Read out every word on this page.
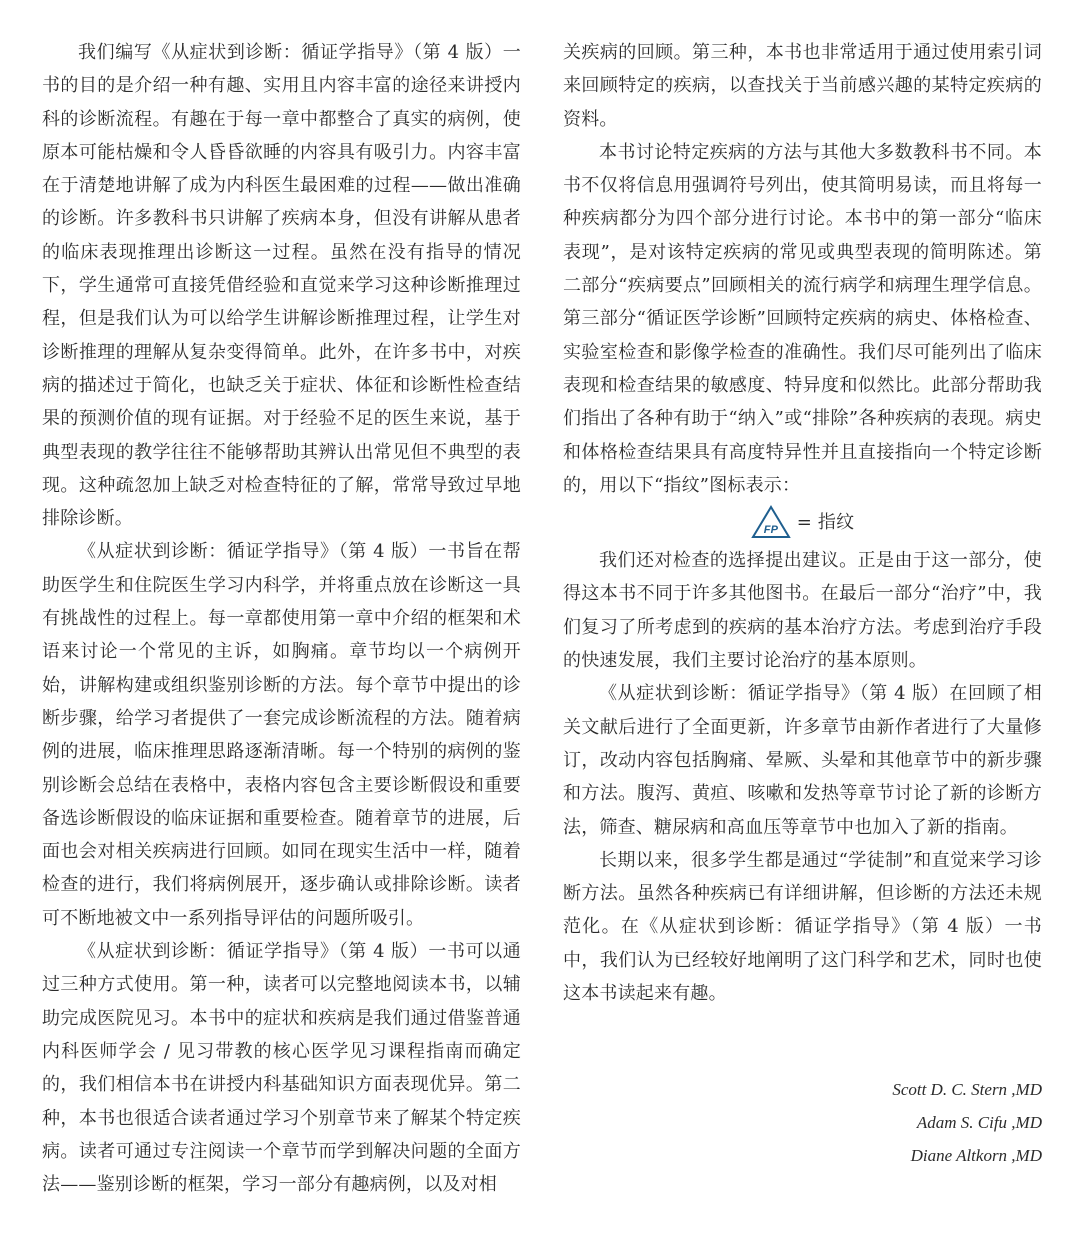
我们编写《从症状到诊断：循证学指导》（第 4 版）一书的目的是介绍一种有趣、实用且内容丰富的途径来讲授内科的诊断流程。有趣在于每一章中都整合了真实的病例，使原本可能枯燥和令人昏昏欲睡的内容具有吸引力。内容丰富在于清楚地讲解了成为内科医生最困难的过程——做出准确的诊断。许多教科书只讲解了疾病本身，但没有讲解从患者的临床表现推理出诊断这一过程。虽然在没有指导的情况下，学生通常可直接凭借经验和直觉来学习这种诊断推理过程，但是我们认为可以给学生讲解诊断推理过程，让学生对诊断推理的理解从复杂变得简单。此外，在许多书中，对疾病的描述过于简化，也缺乏关于症状、体征和诊断性检查结果的预测价值的现有证据。对于经验不足的医生来说，基于典型表现的教学往往不能够帮助其辨认出常见但不典型的表现。这种疏忽加上缺乏对检查特征的了解，常常导致过早地排除诊断。

《从症状到诊断：循证学指导》（第 4 版）一书旨在帮助医学生和住院医生学习内科学，并将重点放在诊断这一具有挑战性的过程上。每一章都使用第一章中介绍的框架和术语来讨论一个常见的主诉，如胸痛。章节均以一个病例开始，讲解构建或组织鉴别诊断的方法。每个章节中提出的诊断步骤，给学习者提供了一套完成诊断流程的方法。随着病例的进展，临床推理思路逐渐清晰。每一个特别的病例的鉴别诊断会总结在表格中，表格内容包含主要诊断假设和重要备选诊断假设的临床证据和重要检查。随着章节的进展，后面也会对相关疾病进行回顾。如同在现实生活中一样，随着检查的进行，我们将病例展开，逐步确认或排除诊断。读者可不断地被文中一系列指导评估的问题所吸引。

《从症状到诊断：循证学指导》（第 4 版）一书可以通过三种方式使用。第一种，读者可以完整地阅读本书，以辅助完成医院见习。本书中的症状和疾病是我们通过借鉴普通内科医师学会 / 见习带教的核心医学见习课程指南而确定的，我们相信本书在讲授内科基础知识方面表现优异。第二种，本书也很适合读者通过学习个别章节来了解某个特定疾病。读者可通过专注阅读一个章节而学到解决问题的全面方法——鉴别诊断的框架，学习一部分有趣病例，以及对相

关疾病的回顾。第三种，本书也非常适用于通过使用索引词来回顾特定的疾病，以查找关于当前感兴趣的某特定疾病的资料。

本书讨论特定疾病的方法与其他大多数教科书不同。本书不仅将信息用强调符号列出，使其简明易读，而且将每一种疾病都分为四个部分进行讨论。本书中的第一部分“临床表现”，是对该特定疾病的常见或典型表现的简明陈述。第二部分“疾病要点”回顾相关的流行病学和病理生理学信息。第三部分“循证医学诊断”回顾特定疾病的病史、体格检查、实验室检查和影像学检查的准确性。我们尽可能列出了临床表现和检查结果的敏感度、特异度和似然比。此部分帮助我们指出了各种有助于“纳入”或“排除”各种疾病的表现。病史和体格检查结果具有高度特异性并且直接指向一个特定诊断的，用以下“指纹”图标表示：

FP = 指纹

我们还对检查的选择提出建议。正是由于这一部分，使得这本书不同于许多其他图书。在最后一部分“治疗”中，我们复习了所考虑到的疾病的基本治疗方法。考虑到治疗手段的快速发展，我们主要讨论治疗的基本原则。

《从症状到诊断：循证学指导》（第 4 版）在回顾了相关文献后进行了全面更新，许多章节由新作者进行了大量修订，改动内容包括胸痛、晕厥、头晕和其他章节中的新步骤和方法。腹泻、黄疸、咳嗽和发热等章节讨论了新的诊断方法，筛查、糖尿病和高血压等章节中也加入了新的指南。

长期以来，很多学生都是通过“学徒制”和直觉来学习诊断方法。虽然各种疾病已有详细讲解，但诊断的方法还未规范化。在《从症状到诊断：循证学指导》（第 4 版）一书中，我们认为已经较好地阐明了这门科学和艺术，同时也使这本书读起来有趣。

Scott D. C. Stern ,MD
Adam S. Cifu ,MD
Diane Altkorn ,MD
